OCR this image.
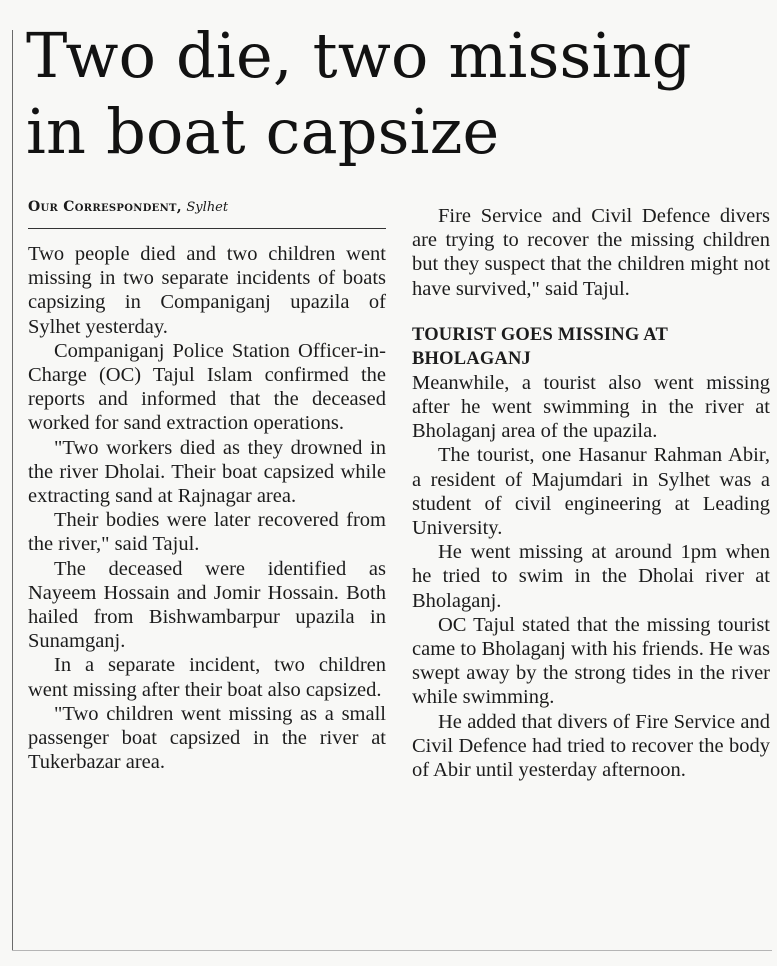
Two die, two missing in boat capsize
Our Correspondent, Sylhet

Two people died and two children went missing in two separate incidents of boats capsizing in Companiganj upazila of Sylhet yesterday.

Companiganj Police Station Officer-in-Charge (OC) Tajul Islam confirmed the reports and informed that the deceased worked for sand extraction operations.

"Two workers died as they drowned in the river Dholai. Their boat capsized while extracting sand at Rajnagar area.

Their bodies were later recovered from the river," said Tajul.

The deceased were identified as Nayeem Hossain and Jomir Hossain. Both hailed from Bishwambarpur upazila in Sunamganj.

In a separate incident, two children went missing after their boat also capsized.

"Two children went missing as a small passenger boat capsized in the river at Tukerbazar area.

Fire Service and Civil Defence divers are trying to recover the missing children but they suspect that the children might not have survived," said Tajul.

TOURIST GOES MISSING AT BHOLAGANJ

Meanwhile, a tourist also went missing after he went swimming in the river at Bholaganj area of the upazila.

The tourist, one Hasanur Rahman Abir, a resident of Majumdari in Sylhet was a student of civil engineering at Leading University.

He went missing at around 1pm when he tried to swim in the Dholai river at Bholaganj.

OC Tajul stated that the missing tourist came to Bholaganj with his friends. He was swept away by the strong tides in the river while swimming.

He added that divers of Fire Service and Civil Defence had tried to recover the body of Abir until yesterday afternoon.
